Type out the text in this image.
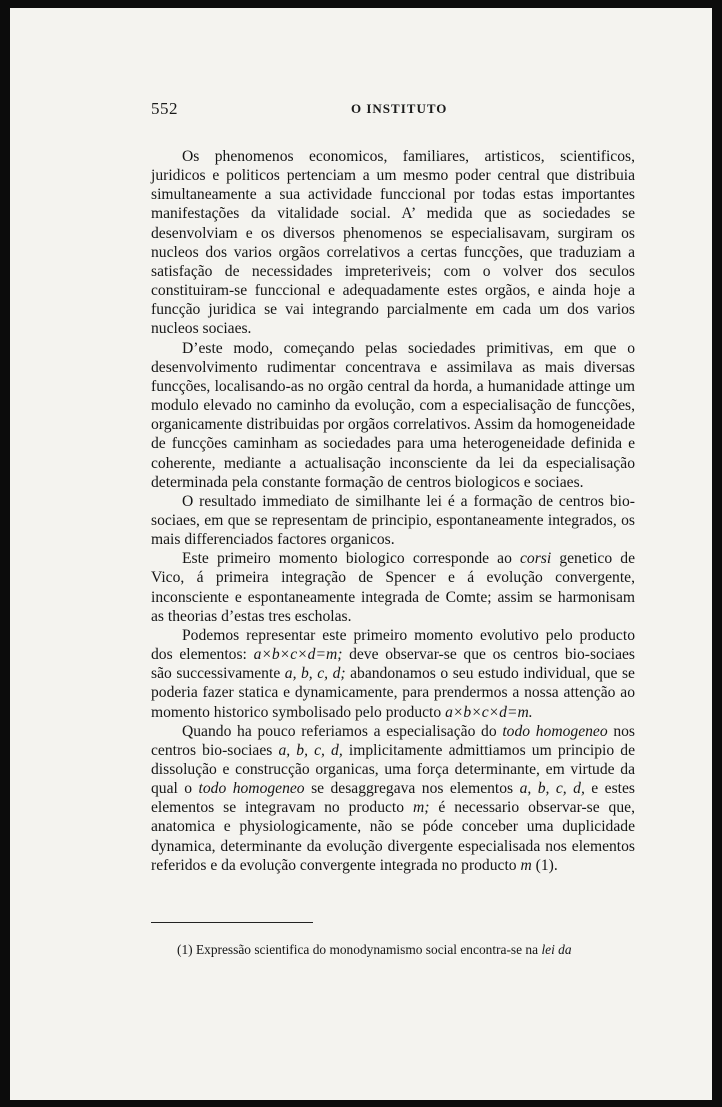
552	O INSTITUTO

Os phenomenos economicos, familiares, artisticos, scientificos, juridicos e politicos pertenciam a um mesmo poder central que distribuia simultaneamente a sua actividade funccional por todas estas importantes manifestações da vitalidade social. A’ medida que as sociedades se desenvolviam e os diversos phenomenos se especialisavam, surgiram os nucleos dos varios orgãos correlativos a certas funcções, que traduziam a satisfação de necessidades impreteriveis; com o volver dos seculos constituiram-se funccional e adequadamente estes orgãos, e ainda hoje a funcção juridica se vai integrando parcialmente em cada um dos varios nucleos sociaes.

D’este modo, começando pelas sociedades primitivas, em que o desenvolvimento rudimentar concentrava e assimilava as mais diversas funcções, localisando-as no orgão central da horda, a humanidade attinge um modulo elevado no caminho da evolução, com a especialisação de funcções, organicamente distribuidas por orgãos correlativos. Assim da homogeneidade de funcções caminham as sociedades para uma heterogeneidade definida e coherente, mediante a actualisação inconsciente da lei da especialisação determinada pela constante formação de centros biologicos e sociaes.

O resultado immediato de similhante lei é a formação de centros bio-sociaes, em que se representam de principio, espontaneamente integrados, os mais differenciados factores organicos.

Este primeiro momento biologico corresponde ao corsi genetico de Vico, á primeira integração de Spencer e á evolução convergente, inconsciente e espontaneamente integrada de Comte; assim se harmonisam as theorias d’estas tres escholas.

Podemos representar este primeiro momento evolutivo pelo producto dos elementos: a×b×c×d=m; deve observar-se que os centros bio-sociaes são successivamente a, b, c, d; abandonamos o seu estudo individual, que se poderia fazer statica e dynamicamente, para prendermos a nossa attenção ao momento historico symbolisado pelo producto a×b×c×d=m.

Quando ha pouco referiamos a especialisação do todo homogeneo nos centros bio-sociaes a, b, c, d, implicitamente admittiamos um principio de dissolução e construcção organicas, uma força determinante, em virtude da qual o todo homogeneo se desaggregava nos elementos a, b, c, d, e estes elementos se integravam no producto m; é necessario observar-se que, anatomica e physiologicamente, não se póde conceber uma duplicidade dynamica, determinante da evolução divergente especialisada nos elementos referidos e da evolução convergente integrada no producto m (1).

(1) Expressão scientifica do monodynamismo social encontra-se na lei da
